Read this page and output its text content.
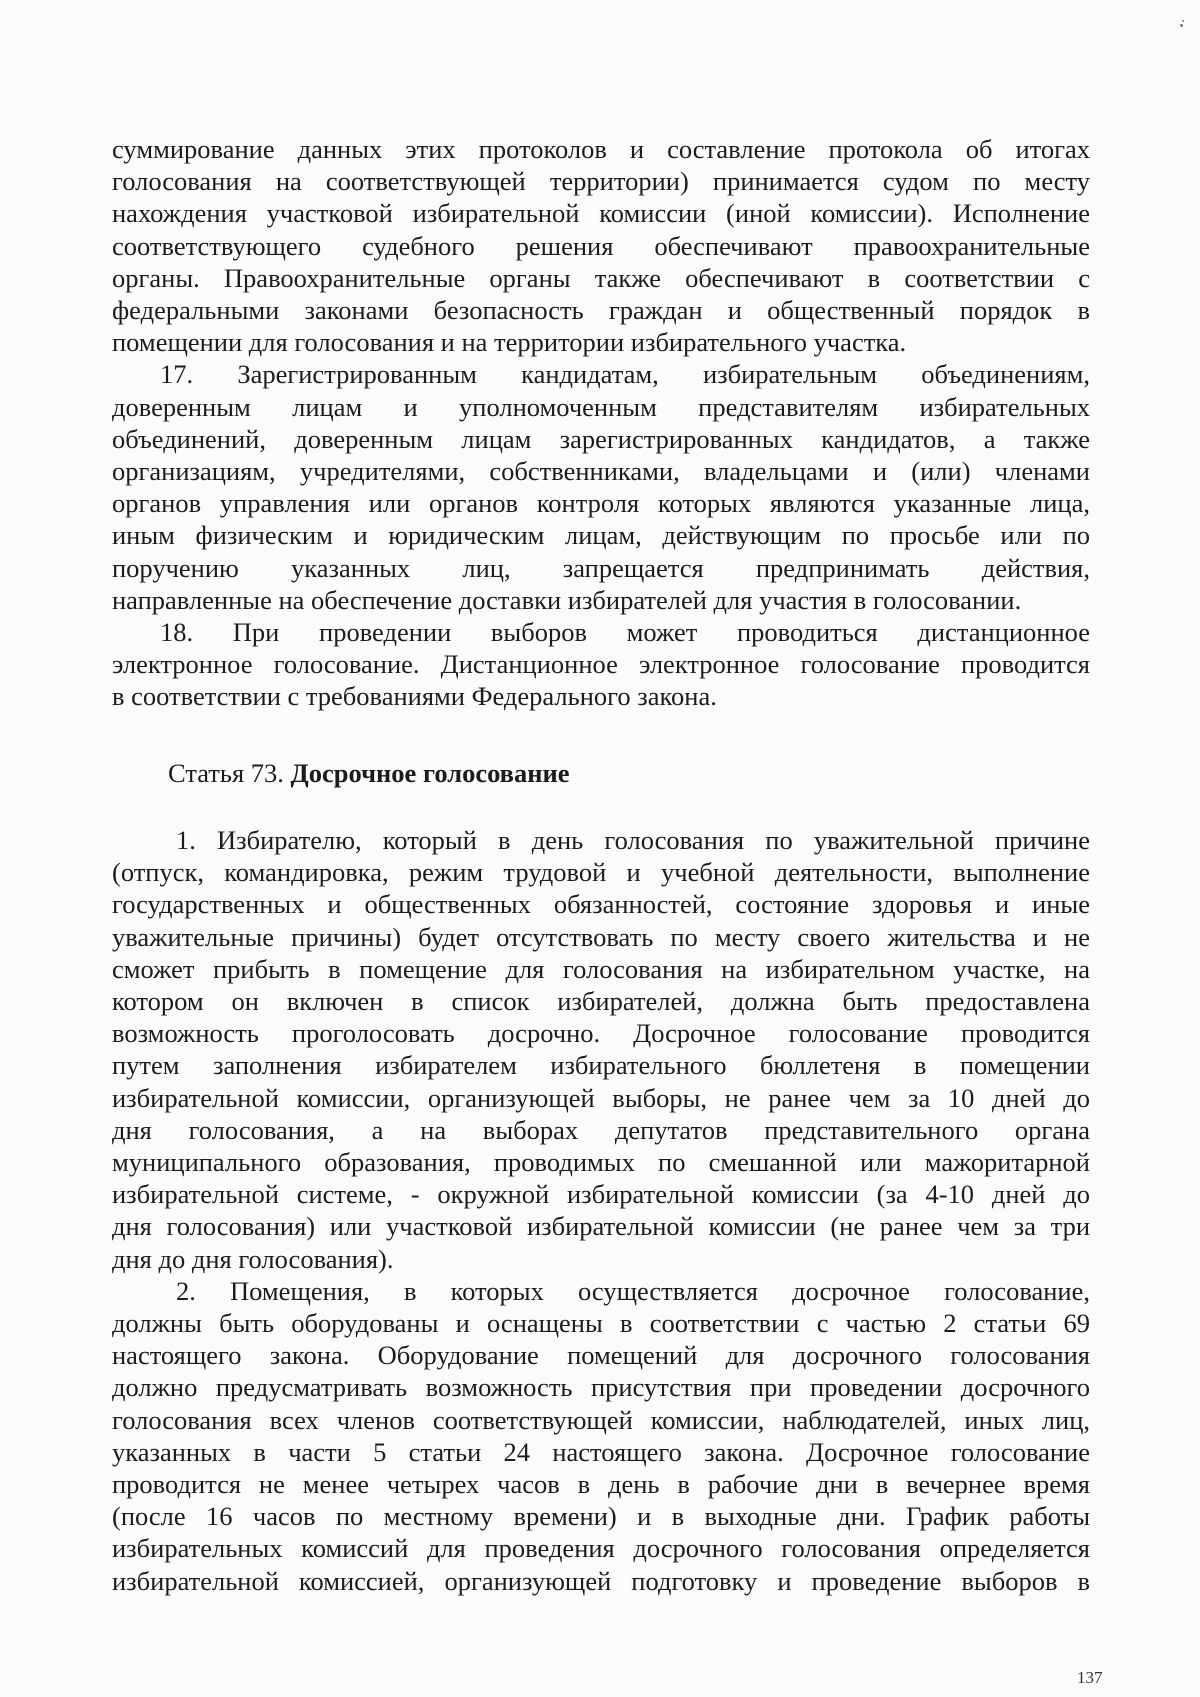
суммирование данных этих протоколов и составление протокола об итогах
голосования на соответствующей территории) принимается судом по месту
нахождения участковой избирательной комиссии (иной комиссии). Исполнение
соответствующего судебного решения обеспечивают правоохранительные
органы. Правоохранительные органы также обеспечивают в соответствии с
федеральными законами безопасность граждан и общественный порядок в
помещении для голосования и на территории избирательного участка.
17. Зарегистрированным кандидатам, избирательным объединениям,
доверенным лицам и уполномоченным представителям избирательных
объединений, доверенным лицам зарегистрированных кандидатов, а также
организациям, учредителями, собственниками, владельцами и (или) членами
органов управления или органов контроля которых являются указанные лица,
иным физическим и юридическим лицам, действующим по просьбе или по
поручению указанных лиц, запрещается предпринимать действия,
направленные на обеспечение доставки избирателей для участия в голосовании.
18. При проведении выборов может проводиться дистанционное
электронное голосование. Дистанционное электронное голосование проводится
в соответствии с требованиями Федерального закона.
Статья 73. Досрочное голосование
1. Избирателю, который в день голосования по уважительной причине
(отпуск, командировка, режим трудовой и учебной деятельности, выполнение
государственных и общественных обязанностей, состояние здоровья и иные
уважительные причины) будет отсутствовать по месту своего жительства и не
сможет прибыть в помещение для голосования на избирательном участке, на
котором он включен в список избирателей, должна быть предоставлена
возможность проголосовать досрочно. Досрочное голосование проводится
путем заполнения избирателем избирательного бюллетеня в помещении
избирательной комиссии, организующей выборы, не ранее чем за 10 дней до
дня голосования, а на выборах депутатов представительного органа
муниципального образования, проводимых по смешанной или мажоритарной
избирательной системе, - окружной избирательной комиссии (за 4-10 дней до
дня голосования) или участковой избирательной комиссии (не ранее чем за три
дня до дня голосования).
2. Помещения, в которых осуществляется досрочное голосование,
должны быть оборудованы и оснащены в соответствии с частью 2 статьи 69
настоящего закона. Оборудование помещений для досрочного голосования
должно предусматривать возможность присутствия при проведении досрочного
голосования всех членов соответствующей комиссии, наблюдателей, иных лиц,
указанных в части 5 статьи 24 настоящего закона. Досрочное голосование
проводится не менее четырех часов в день в рабочие дни в вечернее время
(после 16 часов по местному времени) и в выходные дни. График работы
избирательных комиссий для проведения досрочного голосования определяется
избирательной комиссией, организующей подготовку и проведение выборов в
137
